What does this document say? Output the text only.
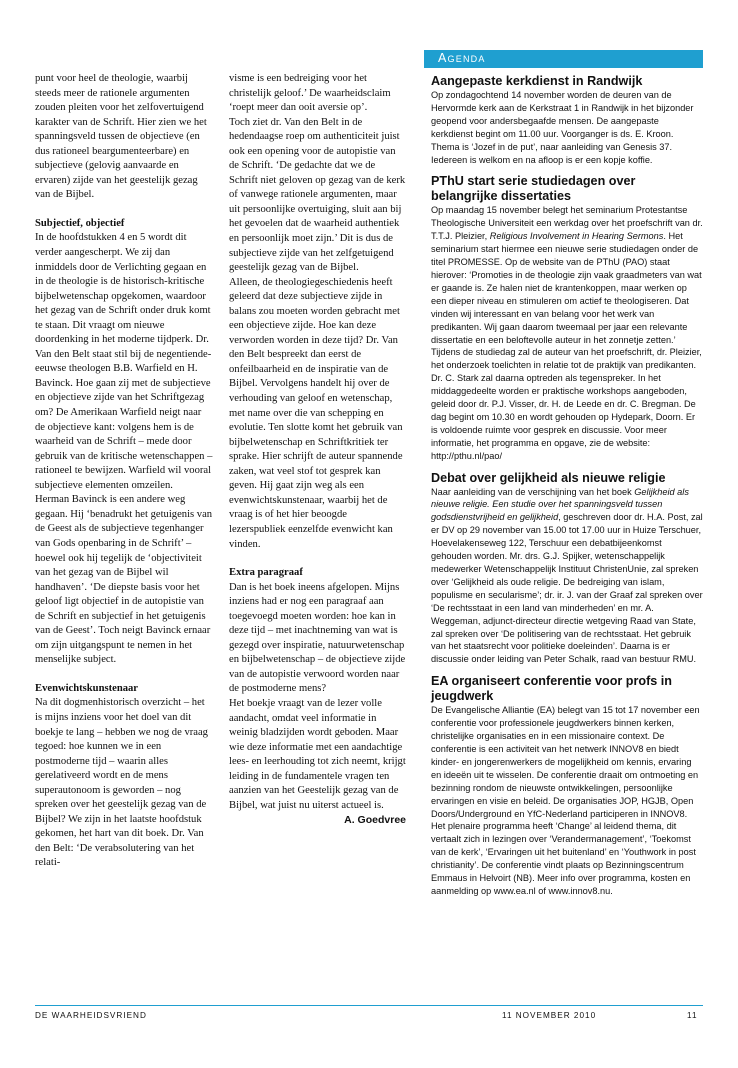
punt voor heel de theologie, waarbij steeds meer de rationele argumenten zouden pleiten voor het zelfovertuigend karakter van de Schrift. Hier zien we het spanningsveld tussen de objectieve (en dus rationeel beargumenteerbare) en subjectieve (gelovig aanvaarde en ervaren) zijde van het geestelijk gezag van de Bijbel.

Subjectief, objectief

In de hoofdstukken 4 en 5 wordt dit verder aangescherpt. We zij dan inmiddels door de Verlichting gegaan en in de theologie is de historisch-kritische bijbelwetenschap opgekomen, waardoor het gezag van de Schrift onder druk komt te staan. Dit vraagt om nieuwe doordenking in het moderne tijdperk. Dr. Van den Belt staat stil bij de negentiende-eeuwse theologen B.B. Warfield en H. Bavinck. Hoe gaan zij met de subjectieve en objectieve zijde van het Schriftgezag om? De Amerikaan Warfield neigt naar de objectieve kant: volgens hem is de waarheid van de Schrift – mede door gebruik van de kritische wetenschappen – rationeel te bewijzen. Warfield wil vooral subjectieve elementen omzeilen.

Herman Bavinck is een andere weg gegaan. Hij ‘benadrukt het getuigenis van de Geest als de subjectieve tegenhanger van Gods openbaring in de Schrift’ – hoewel ook hij tegelijk de ‘objectiviteit van het gezag van de Bijbel wil handhaven’. ‘De diepste basis voor het geloof ligt objectief in de autopistie van de Schrift en subjectief in het getuigenis van de Geest’. Toch neigt Bavinck ernaar om zijn uitgangspunt te nemen in het menselijke subject.

Evenwichtskunstenaar

Na dit dogmenhistorisch overzicht – het is mijns inziens voor het doel van dit boekje te lang – hebben we nog de vraag tegoed: hoe kunnen we in een postmoderne tijd – waarin alles gerelativeerd wordt en de mens superautonoom is geworden – nog spreken over het geestelijk gezag van de Bijbel? We zijn in het laatste hoofdstuk gekomen, het hart van dit boek. Dr. Van den Belt: ‘De verabsolutering van het relati-

visme is een bedreiging voor het christelijk geloof.’ De waarheidsclaim ‘roept meer dan ooit aversie op’.

Toch ziet dr. Van den Belt in de hedendaagse roep om authenticiteit juist ook een opening voor de autopistie van de Schrift. ‘De gedachte dat we de Schrift niet geloven op gezag van de kerk of vanwege rationele argumenten, maar uit persoonlijke overtuiging, sluit aan bij het gevoelen dat de waarheid authentiek en persoonlijk moet zijn.’ Dit is dus de subjectieve zijde van het zelfgetuigend geestelijk gezag van de Bijbel.

Alleen, de theologiegeschiedenis heeft geleerd dat deze subjectieve zijde in balans zou moeten worden gebracht met een objectieve zijde. Hoe kan deze verworden worden in deze tijd? Dr. Van den Belt bespreekt dan eerst de onfeilbaarheid en de inspiratie van de Bijbel. Vervolgens handelt hij over de verhouding van geloof en wetenschap, met name over die van schepping en evolutie. Ten slotte komt het gebruik van bijbelwetenschap en Schriftkritiek ter sprake. Hier schrijft de auteur spannende zaken, wat veel stof tot gesprek kan geven. Hij gaat zijn weg als een evenwichtskunstenaar, waarbij het de vraag is of het hier beoogde lezerspubliek eenzelfde evenwicht kan vinden.

Extra paragraaf

Dan is het boek ineens afgelopen. Mijns inziens had er nog een paragraaf aan toegevoegd moeten worden: hoe kan in deze tijd – met inachtneming van wat is gezegd over inspiratie, natuurwetenschap en bijbelwetenschap – de objectieve zijde van de autopistie verwoord worden naar de postmoderne mens?

Het boekje vraagt van de lezer volle aandacht, omdat veel informatie in weinig bladzijden wordt geboden. Maar wie deze informatie met een aandachtige lees- en leerhouding tot zich neemt, krijgt leiding in de fundamentele vragen ten aanzien van het Geestelijk gezag van de Bijbel, wat juist nu uiterst actueel is.

A. Goedvree

Agenda
Aangepaste kerkdienst in Randwijk

Op zondagochtend 14 november worden de deuren van de Hervormde kerk aan de Kerkstraat 1 in Randwijk in het bijzonder geopend voor andersbegaafde mensen. De aangepaste kerkdienst begint om 11.00 uur. Voorganger is ds. E. Kroon. Thema is ‘Jozef in de put’, naar aanleiding van Genesis 37. Iedereen is welkom en na afloop is er een kopje koffie.

PThU start serie studiedagen over belangrijke dissertaties

Op maandag 15 november belegt het seminarium Protestantse Theologische Universiteit een werkdag over het proefschrift van dr. T.T.J. Pleizier, Religious Involvement in Hearing Sermons. Het seminarium start hiermee een nieuwe serie studiedagen onder de titel PROMESSE. Op de website van de PThU (PAO) staat hierover: ‘Promoties in de theologie zijn vaak graadmeters van wat er gaande is. Ze halen niet de krantenkoppen, maar werken op een dieper niveau en stimuleren om actief te theologiseren. Dat vinden wij interessant en van belang voor het werk van predikanten. Wij gaan daarom tweemaal per jaar een relevante dissertatie en een beloftevolle auteur in het zonnetje zetten.’

Tijdens de studiedag zal de auteur van het proefschrift, dr. Pleizier, het onderzoek toelichten in relatie tot de praktijk van predikanten. Dr. C. Stark zal daarna optreden als tegenspreker. In het middaggedeelte worden er praktische workshops aangeboden, geleid door dr. P.J. Visser, dr. H. de Leede en dr. C. Bregman. De dag begint om 10.30 en wordt gehouden op Hydepark, Doorn. Er is voldoende ruimte voor gesprek en discussie. Voor meer informatie, het programma en opgave, zie de website: http://pthu.nl/pao/

Debat over gelijkheid als nieuwe religie

Naar aanleiding van de verschijning van het boek Gelijkheid als nieuwe religie. Een studie over het spanningsveld tussen godsdienstvrijheid en gelijkheid, geschreven door dr. H.A. Post, zal er DV op 29 november van 15.00 tot 17.00 uur in Huize Terschuer, Hoevelakenseweg 122, Terschuur een debatbijeenkomst gehouden worden. Mr. drs. G.J. Spijker, wetenschappelijk medewerker Wetenschappelijk Instituut ChristenUnie, zal spreken over ‘Gelijkheid als oude religie. De bedreiging van islam, populisme en secularisme’; dr. ir. J. van der Graaf zal spreken over ‘De rechtsstaat in een land van minderheden’ en mr. A. Weggeman, adjunct-directeur directie wetgeving Raad van State, zal spreken over ‘De politisering van de rechtsstaat. Het gebruik van het staatsrecht voor politieke doeleinden’. Daarna is er discussie onder leiding van Peter Schalk, raad van bestuur RMU.

EA organiseert conferentie voor profs in jeugdwerk

De Evangelische Alliantie (EA) belegt van 15 tot 17 november een conferentie voor professionele jeugdwerkers binnen kerken, christelijke organisaties en in een missionaire context. De conferentie is een activiteit van het netwerk INNOV8 en biedt kinder- en jongerenwerkers de mogelijkheid om kennis, ervaring en ideeën uit te wisselen. De conferentie draait om ontmoeting en bezinning rondom de nieuwste ontwikkelingen, persoonlijke ervaringen en visie en beleid. De organisaties JOP, HGJB, Open Doors/Underground en YfC-Nederland participeren in INNOV8.

Het plenaire programma heeft ‘Change’ al leidend thema, dit vertaalt zich in lezingen over ‘Verandermanagement’, ‘Toekomst van de kerk’, ‘Ervaringen uit het buitenland’ en ‘Youthwork in post christianity’. De conferentie vindt plaats op Bezinningscentrum Emmaus in Helvoirt (NB). Meer info over programma, kosten en aanmelding op www.ea.nl of www.innov8.nu.

DE WAARHEIDSVRIEND	11 NOVEMBER 2010	11
